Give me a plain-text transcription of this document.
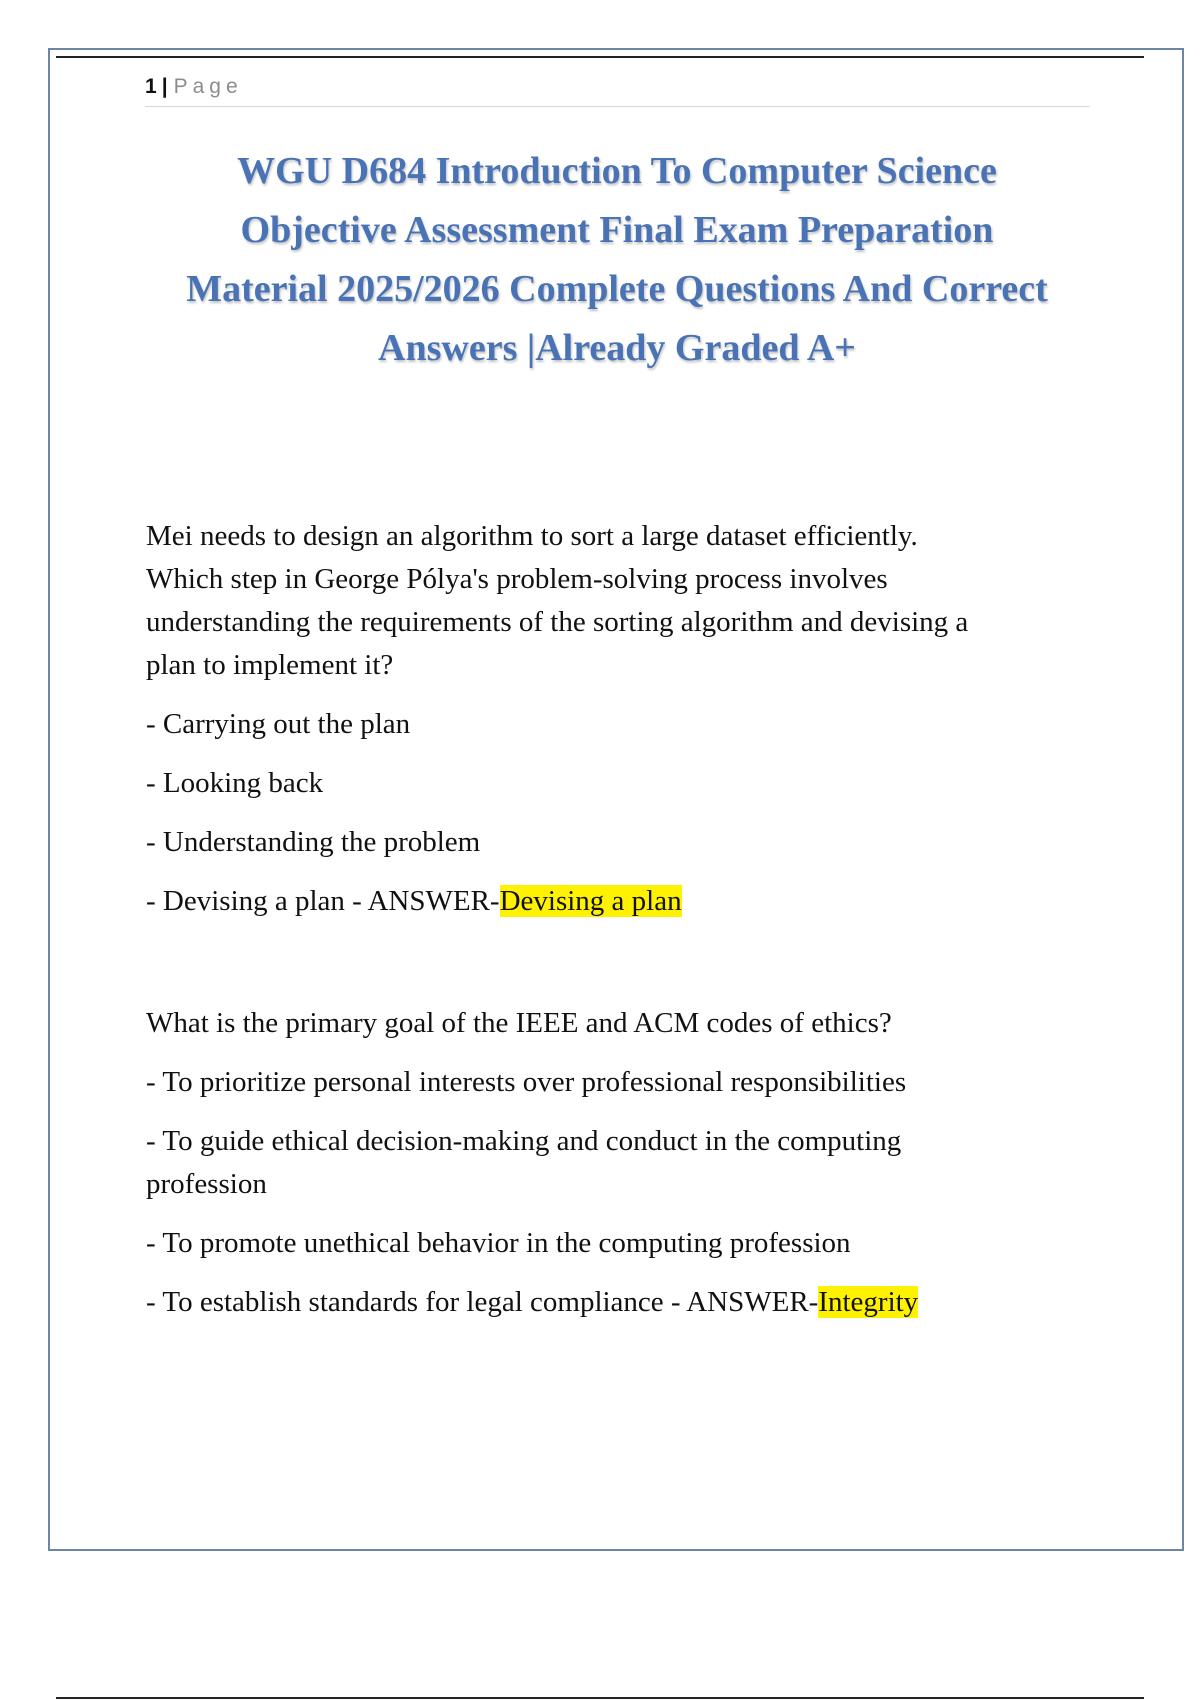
1 | Page
WGU D684 Introduction To Computer Science
Objective Assessment Final Exam Preparation
Material 2025/2026 Complete Questions And Correct
Answers |Already Graded A+
Mei needs to design an algorithm to sort a large dataset efficiently.
Which step in George Pólya's problem-solving process involves
understanding the requirements of the sorting algorithm and devising a
plan to implement it?
- Carrying out the plan
- Looking back
- Understanding the problem
- Devising a plan - ANSWER-Devising a plan
What is the primary goal of the IEEE and ACM codes of ethics?
- To prioritize personal interests over professional responsibilities
- To guide ethical decision-making and conduct in the computing
profession
- To promote unethical behavior in the computing profession
- To establish standards for legal compliance - ANSWER-Integrity
